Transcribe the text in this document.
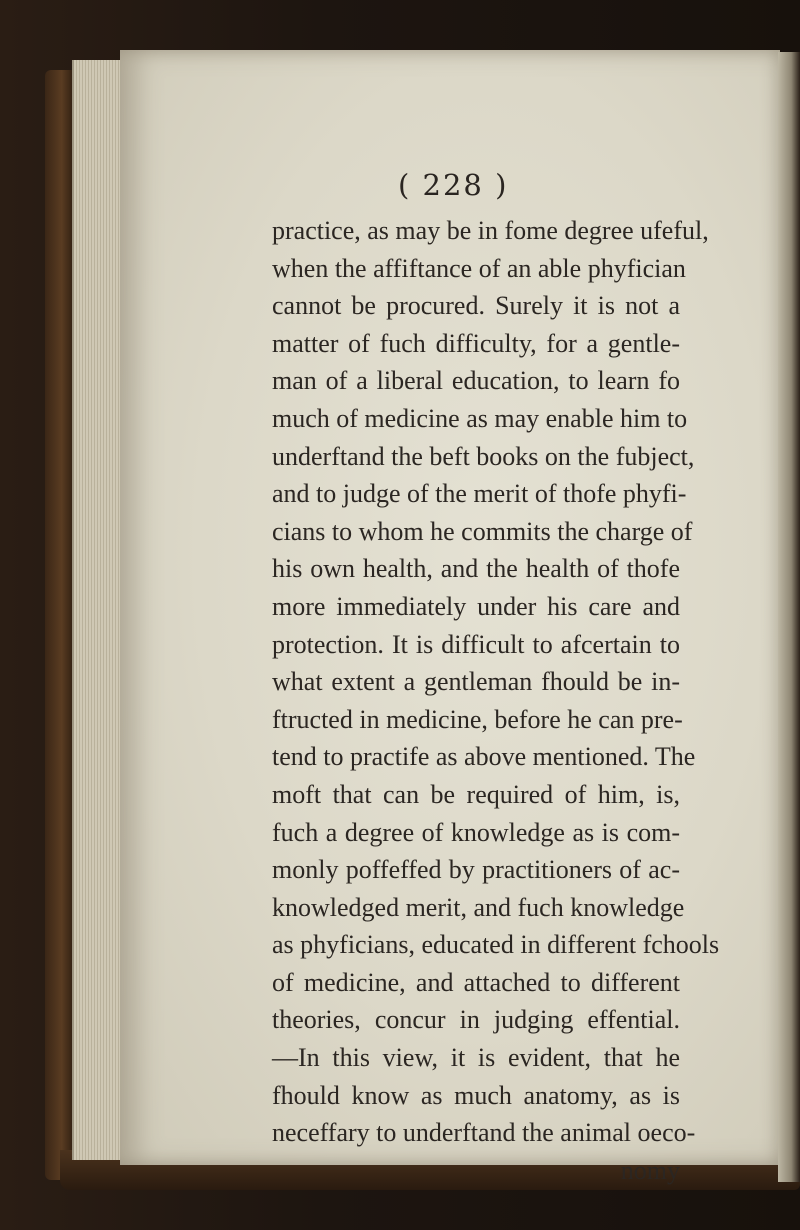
( 228 )
practice, as may be in fome degree ufeful,
when the affiftance of an able phyfician
cannot be procured. Surely it is not a
matter of fuch difficulty, for a gentle-
man of a liberal education, to learn fo
much of medicine as may enable him to
underftand the beft books on the fubject,
and to judge of the merit of thofe phyfi-
cians to whom he commits the charge of
his own health, and the health of thofe
more immediately under his care and
protection. It is difficult to afcertain to
what extent a gentleman fhould be in-
ftructed in medicine, before he can pre-
tend to practife as above mentioned. The
moft that can be required of him, is,
fuch a degree of knowledge as is com-
monly poffeffed by practitioners of ac-
knowledged merit, and fuch knowledge
as phyficians, educated in different fchools
of medicine, and attached to different
theories, concur in judging effential.
—In this view, it is evident, that he
fhould know as much anatomy, as is
neceffary to underftand the animal oeco-
nomy
